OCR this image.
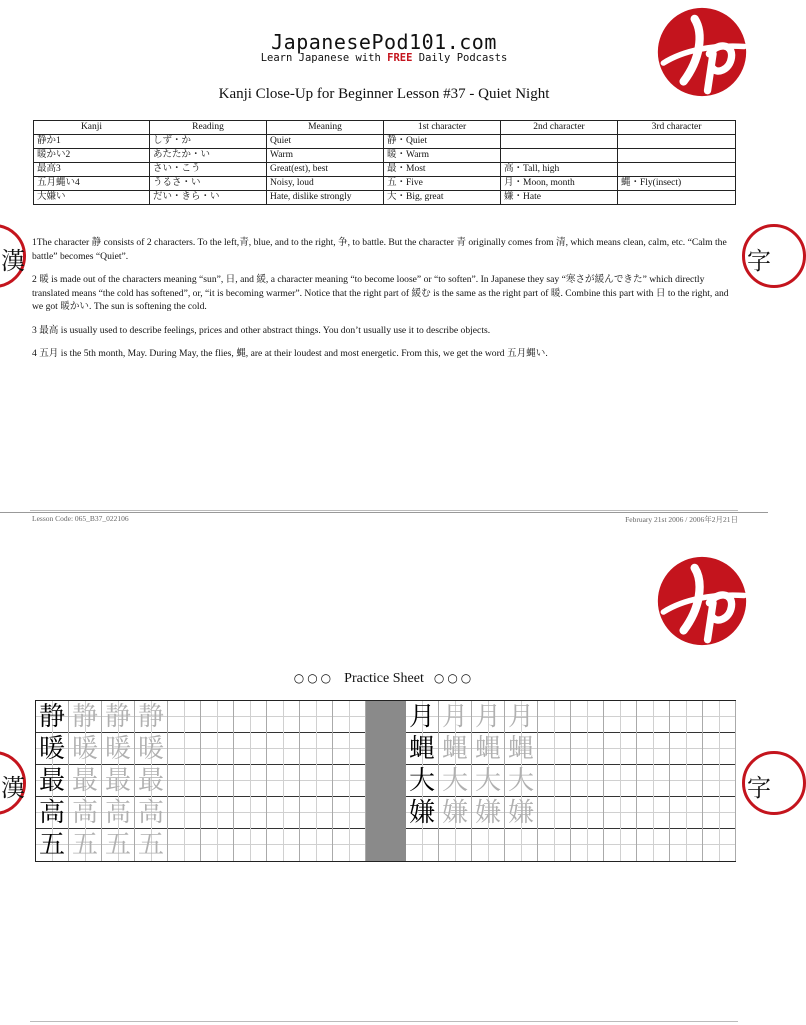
JapanesePod101.com
Learn Japanese with FREE Daily Podcasts
Kanji Close-Up for Beginner Lesson #37 - Quiet Night
Kanji	Reading	Meaning	1st character	2nd character	3rd character
静か1	しず・か	Quiet	静・Quiet		
暖かい2	あたたか・い	Warm	暖・Warm		
最高3	さい・こう	Great(est), best	最・Most	高・Tall, high	
五月蝿い4	うるさ・い	Noisy, loud	五・Five	月・Moon, month	蝿・Fly(insect)
大嫌い	だい・きら・い	Hate, dislike strongly	大・Big, great	嫌・Hate	
漢	字

1The character 静 consists of 2 characters. To the left,青, blue, and to the right, 争, to battle. But the character 青 originally comes from 清, which means clean, calm, etc. “Calm the battle” becomes “Quiet”.

2 暖 is made out of the characters meaning “sun”, 日, and 緩, a character meaning “to become loose” or “to soften”. In Japanese they say “寒さが緩んできた” which directly translated means “the cold has softened”, or, “it is becoming warmer”. Notice that the right part of 緩む is the same as the right part of 暖. Combine this part with 日 to the right, and we got 暖かい. The sun is softening the cold.

3 最高 is usually used to describe feelings, prices and other abstract things. You don’t usually use it to describe objects.

4 五月 is the 5th month, May. During May, the flies, 蝿, are at their loudest and most energetic. From this, we get the word 五月蝿い.

Lesson Code: 065_B37_022106	February 21st 2006 / 2006年2月21日
○○○ Practice Sheet ○○○
漢	字
静 静 静 静
暖 暖 暖 暖
最 最 最 最
高 高 高 高
五 五 五 五
月 月 月 月
蝿 蝿 蝿 蝿
大 大 大 大
嫌 嫌 嫌 嫌
